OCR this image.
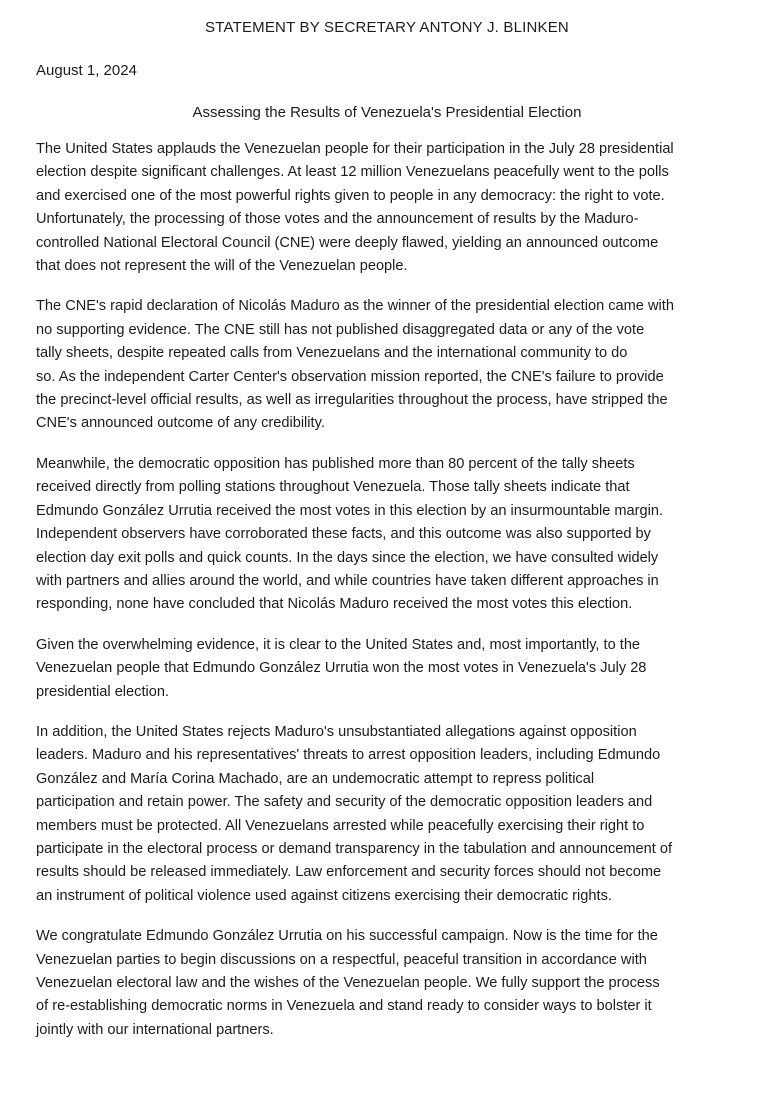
STATEMENT BY SECRETARY ANTONY J. BLINKEN
August 1, 2024
Assessing the Results of Venezuela's Presidential Election

The United States applauds the Venezuelan people for their participation in the July 28 presidential
election despite significant challenges. At least 12 million Venezuelans peacefully went to the polls
and exercised one of the most powerful rights given to people in any democracy: the right to vote.
Unfortunately, the processing of those votes and the announcement of results by the Maduro-
controlled National Electoral Council (CNE) were deeply flawed, yielding an announced outcome
that does not represent the will of the Venezuelan people.

The CNE's rapid declaration of Nicolás Maduro as the winner of the presidential election came with
no supporting evidence. The CNE still has not published disaggregated data or any of the vote
tally sheets, despite repeated calls from Venezuelans and the international community to do
so. As the independent Carter Center's observation mission reported, the CNE's failure to provide
the precinct-level official results, as well as irregularities throughout the process, have stripped the
CNE's announced outcome of any credibility.

Meanwhile, the democratic opposition has published more than 80 percent of the tally sheets
received directly from polling stations throughout Venezuela. Those tally sheets indicate that
Edmundo González Urrutia received the most votes in this election by an insurmountable margin.
Independent observers have corroborated these facts, and this outcome was also supported by
election day exit polls and quick counts. In the days since the election, we have consulted widely
with partners and allies around the world, and while countries have taken different approaches in
responding, none have concluded that Nicolás Maduro received the most votes this election.

Given the overwhelming evidence, it is clear to the United States and, most importantly, to the
Venezuelan people that Edmundo González Urrutia won the most votes in Venezuela's July 28
presidential election.

In addition, the United States rejects Maduro's unsubstantiated allegations against opposition
leaders. Maduro and his representatives' threats to arrest opposition leaders, including Edmundo
González and María Corina Machado, are an undemocratic attempt to repress political
participation and retain power. The safety and security of the democratic opposition leaders and
members must be protected. All Venezuelans arrested while peacefully exercising their right to
participate in the electoral process or demand transparency in the tabulation and announcement of
results should be released immediately. Law enforcement and security forces should not become
an instrument of political violence used against citizens exercising their democratic rights.

We congratulate Edmundo González Urrutia on his successful campaign. Now is the time for the
Venezuelan parties to begin discussions on a respectful, peaceful transition in accordance with
Venezuelan electoral law and the wishes of the Venezuelan people. We fully support the process
of re-establishing democratic norms in Venezuela and stand ready to consider ways to bolster it
jointly with our international partners.
